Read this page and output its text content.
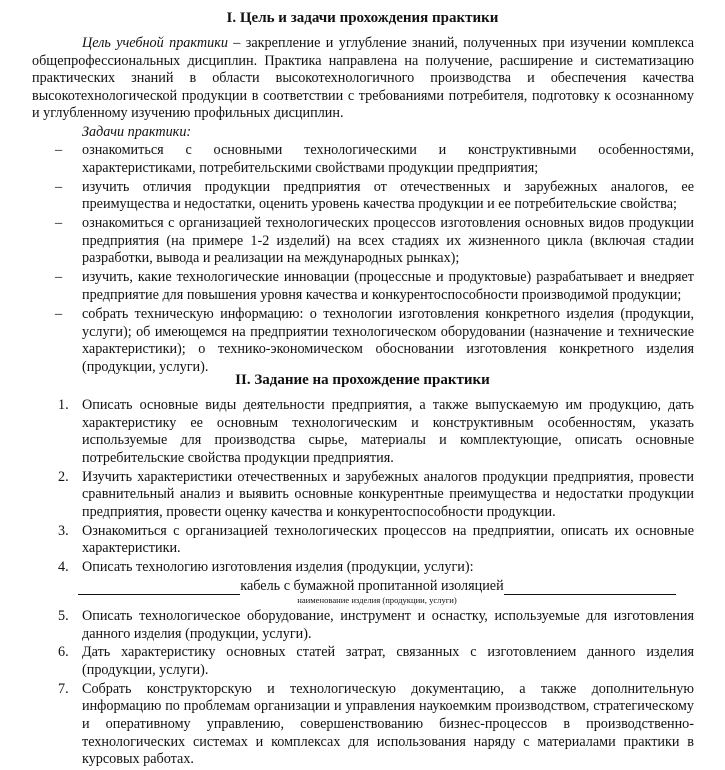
I. Цель и задачи прохождения практики

Цель учебной практики – закрепление и углубление знаний, полученных при изучении комплекса общепрофессиональных дисциплин. Практика направлена на получение, расширение и систематизацию практических знаний в области высокотехнологичного производства и обеспечения качества высокотехнологической продукции в соответствии с требованиями потребителя, подготовку к осознанному и углубленному изучению профильных дисциплин.

Задачи практики:

– ознакомиться с основными технологическими и конструктивными особенностями, характеристиками, потребительскими свойствами продукции предприятия;
– изучить отличия продукции предприятия от отечественных и зарубежных аналогов, ее преимущества и недостатки, оценить уровень качества продукции и ее потребительские свойства;
– ознакомиться с организацией технологических процессов изготовления основных видов продукции предприятия (на примере 1-2 изделий) на всех стадиях их жизненного цикла (включая стадии разработки, вывода и реализации на международных рынках);
– изучить, какие технологические инновации (процессные и продуктовые) разрабатывает и внедряет предприятие для повышения уровня качества и конкурентоспособности производимой продукции;
– собрать техническую информацию: о технологии изготовления конкретного изделия (продукции, услуги); об имеющемся на предприятии технологическом оборудовании (назначение и технические характеристики); о технико-экономическом обосновании изготовления конкретного изделия (продукции, услуги).
II. Задание на прохождение практики
1. Описать основные виды деятельности предприятия, а также выпускаемую им продукцию, дать характеристику ее основным технологическим и конструктивным особенностям, указать используемые для производства сырье, материалы и комплектующие, описать основные потребительские свойства продукции предприятия.
2. Изучить характеристики отечественных и зарубежных аналогов продукции предприятия, провести сравнительный анализ и выявить основные конкурентные преимущества и недостатки продукции предприятия, провести оценку качества и конкурентоспособности продукции.
3. Ознакомиться с организацией технологических процессов на предприятии, описать их основные характеристики.
4. Описать технологию изготовления изделия (продукции, услуги):
кабель с бумажной пропитанной изоляцией
наименование изделия (продукции, услуги)
5. Описать технологическое оборудование, инструмент и оснастку, используемые для изготовления данного изделия (продукции, услуги).
6. Дать характеристику основных статей затрат, связанных с изготовлением данного изделия (продукции, услуги).
7. Собрать конструкторскую и технологическую документацию, а также дополнительную информацию по проблемам организации и управления наукоемким производством, стратегическому и оперативному управлению, совершенствованию бизнес-процессов в производственно-технологических системах и комплексах для использования наряду с материалами практики в курсовых работах.
